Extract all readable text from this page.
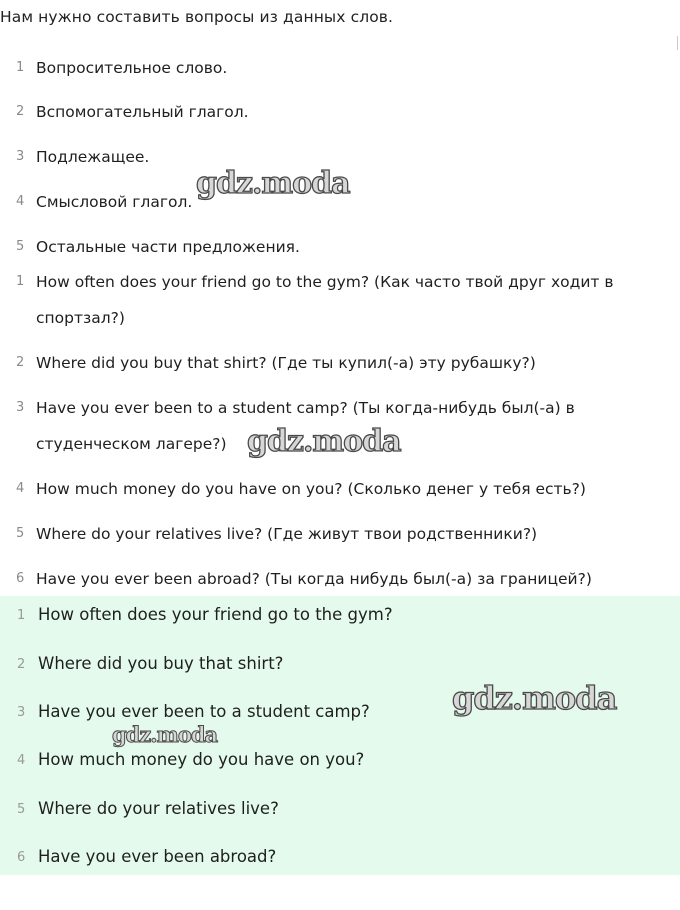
Нам нужно составить вопросы из данных слов.
1 Вопросительное слово.
2 Вспомогательный глагол.
3 Подлежащее.
4 Смысловой глагол.
5 Остальные части предложения.
1 How often does your friend go to the gym? (Как часто твой друг ходит в спортзал?)
2 Where did you buy that shirt? (Где ты купил(-а) эту рубашку?)
3 Have you ever been to a student camp? (Ты когда-нибудь был(-а) в студенческом лагере?)
4 How much money do you have on you? (Сколько денег у тебя есть?)
5 Where do your relatives live? (Где живут твои родственники?)
6 Have you ever been abroad? (Ты когда нибудь был(-а) за границей?)
1 How often does your friend go to the gym?
2 Where did you buy that shirt?
3 Have you ever been to a student camp?
4 How much money do you have on you?
5 Where do your relatives live?
6 Have you ever been abroad?
gdz.moda
gdz.moda
gdz.moda
gdz.moda
